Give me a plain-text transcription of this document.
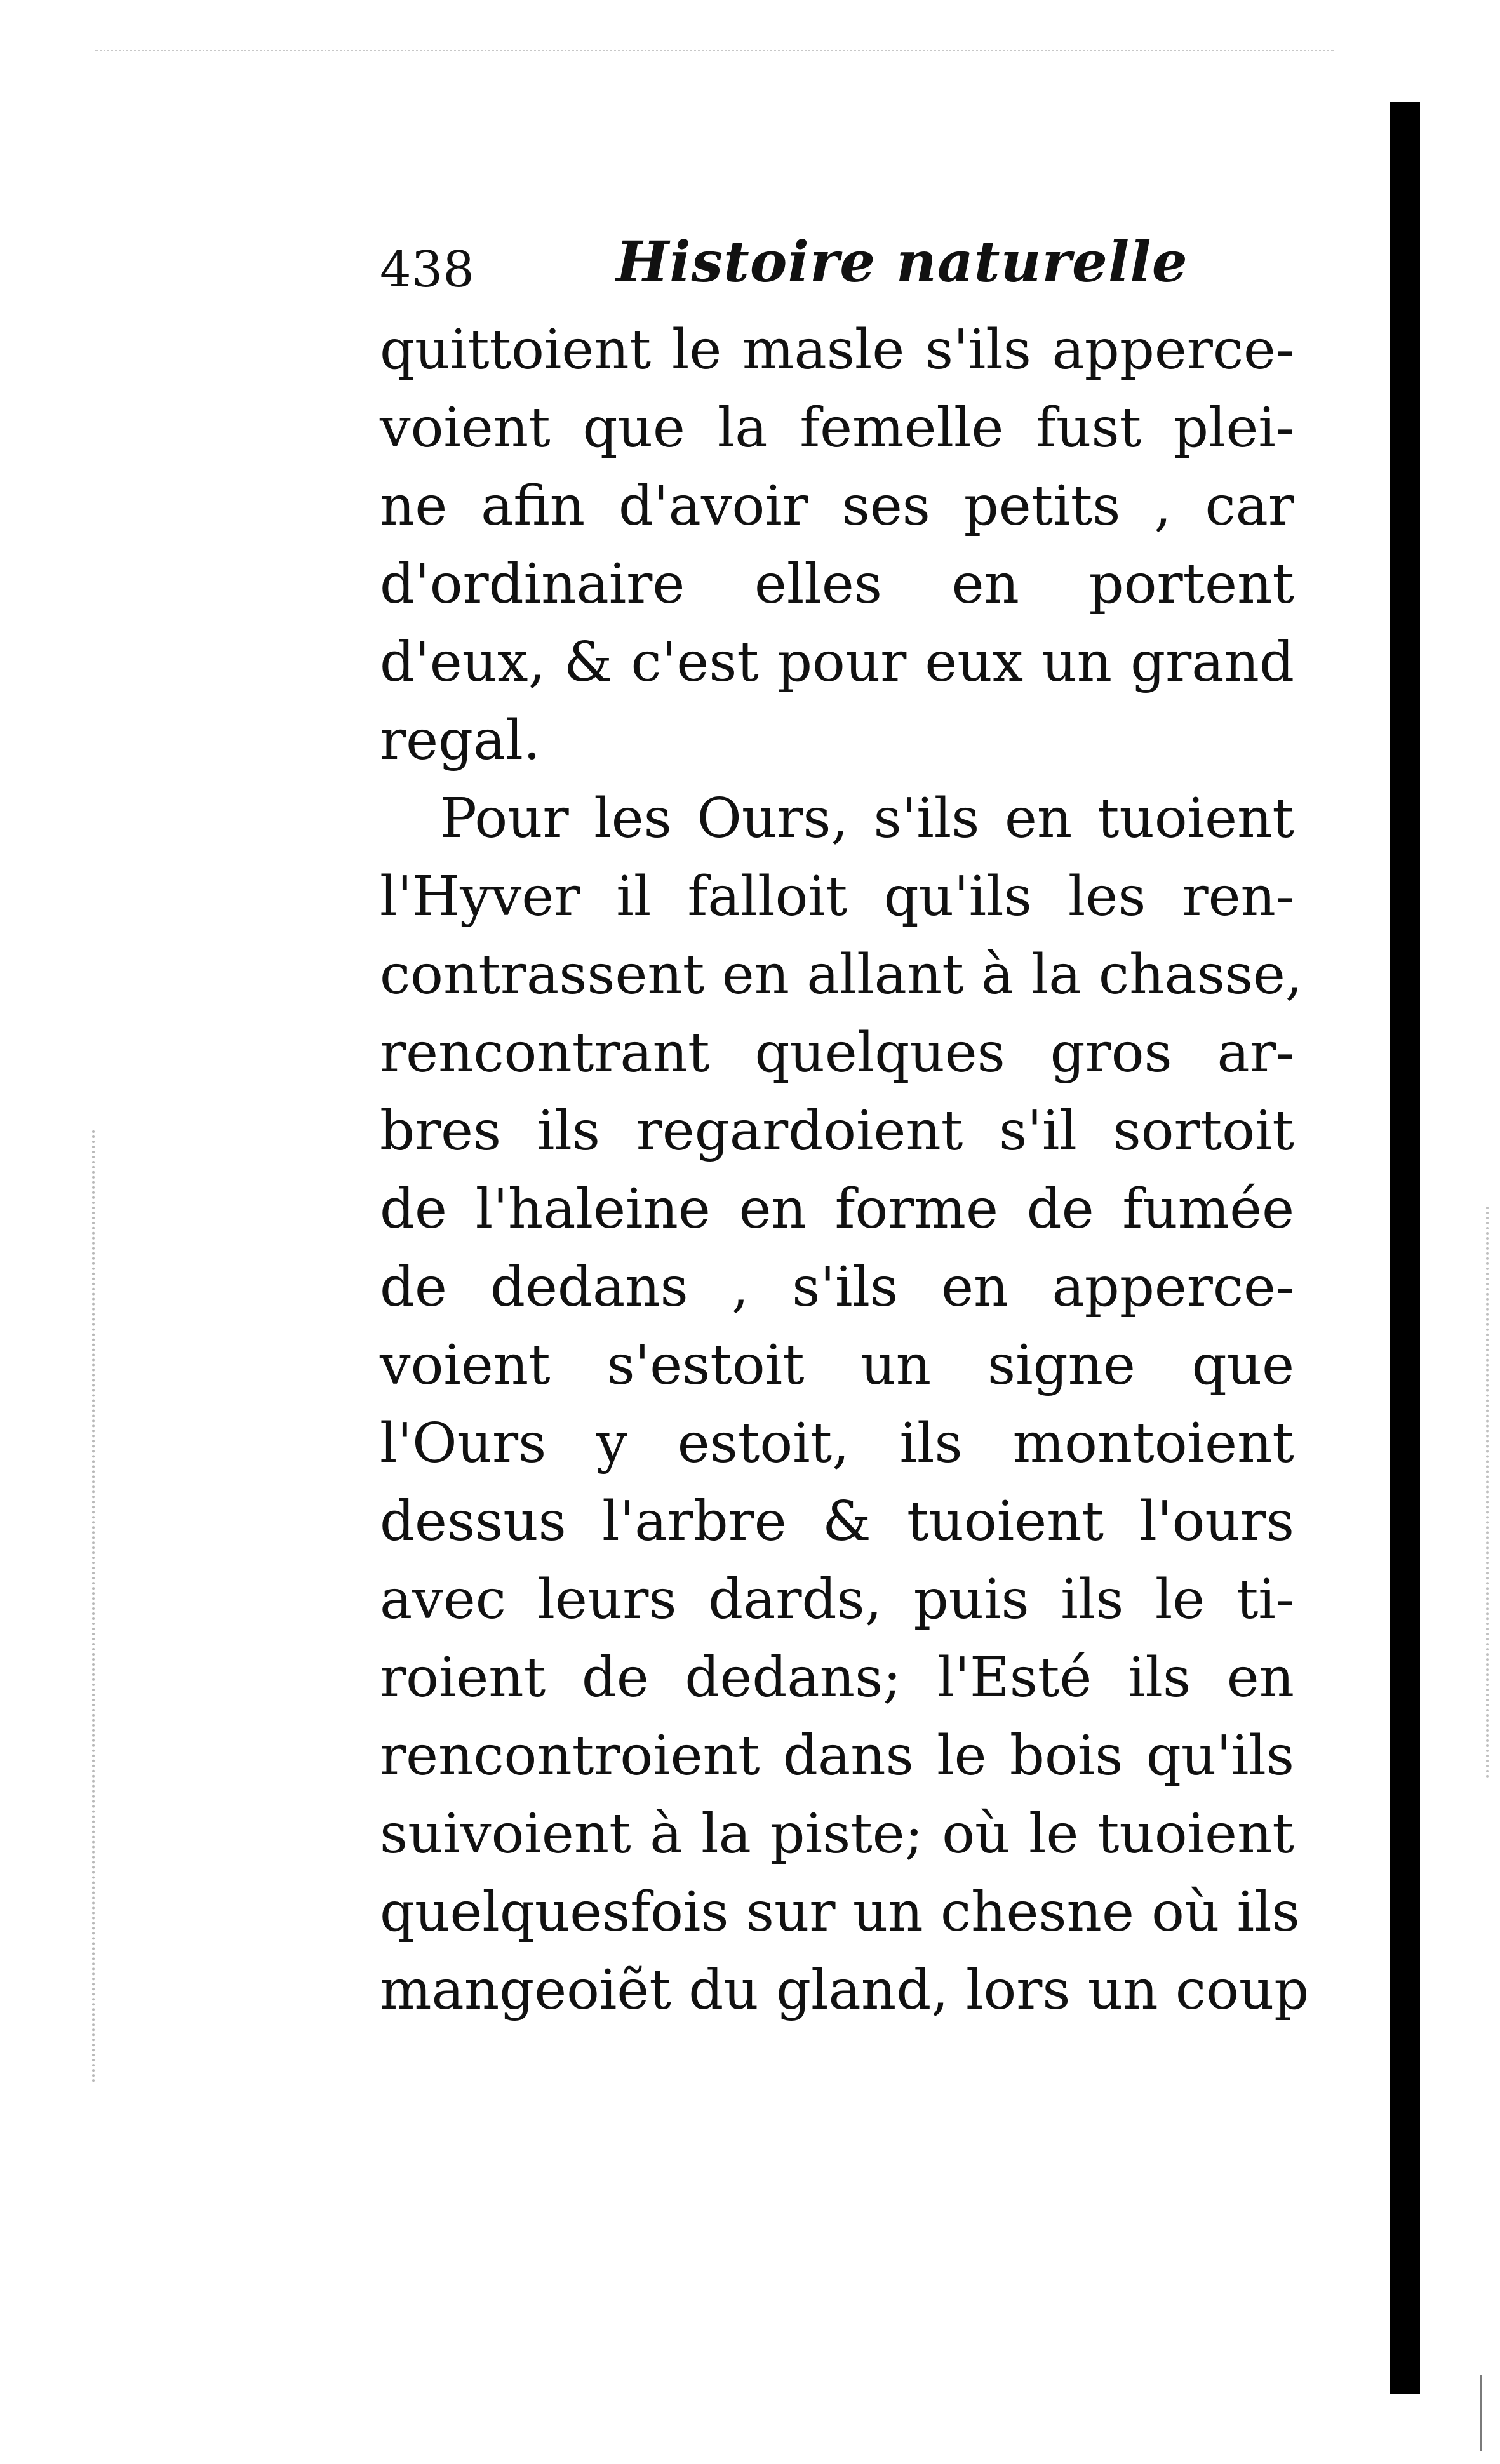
438	Histoire naturelle
quittoient le masle s'ils apperce-
voient que la femelle fust plei-
ne afin d'avoir ses petits , car
d'ordinaire elles en portent
d'eux, & c'est pour eux un grand
regal.
Pour les Ours, s'ils en tuoient
l'Hyver il falloit qu'ils les ren-
contrassent en allant à la chasse,
rencontrant quelques gros ar-
bres ils regardoient s'il sortoit
de l'haleine en forme de fumée
de dedans , s'ils en apperce-
voient s'estoit un signe que
l'Ours y estoit, ils montoient
dessus l'arbre & tuoient l'ours
avec leurs dards, puis ils le ti-
roient de dedans; l'Esté ils en
rencontroient dans le bois qu'ils
suivoient à la piste; où le tuoient
quelquesfois sur un chesne où ils
mangeoiẽt du gland, lors un coup
